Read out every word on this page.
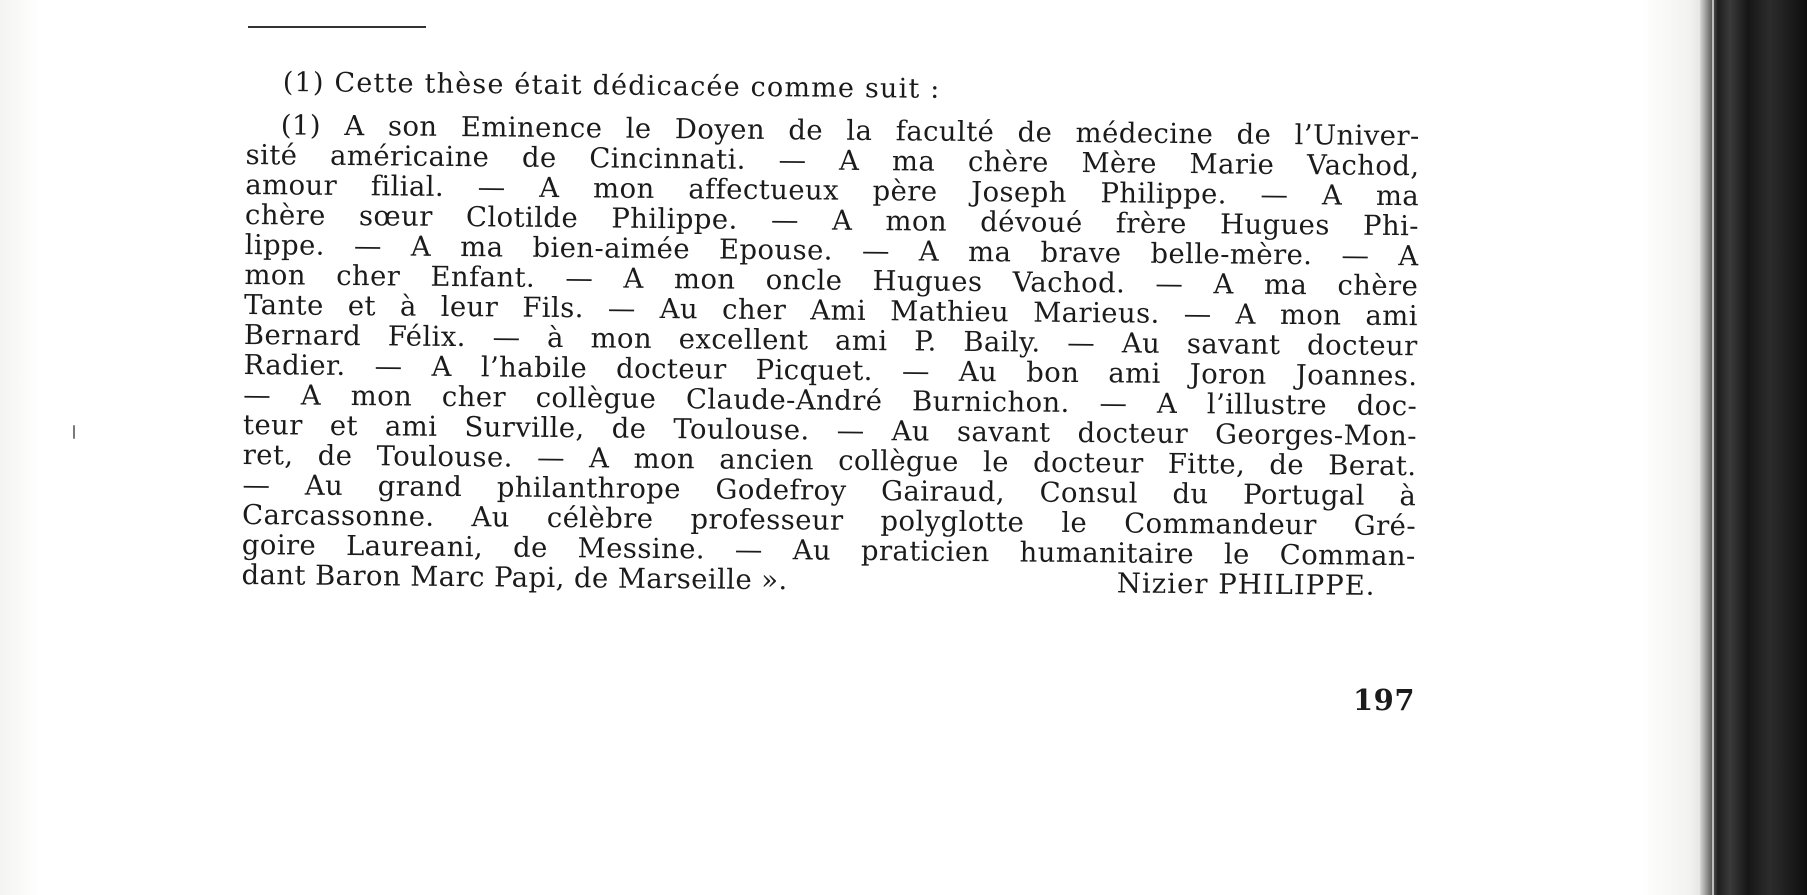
(1) Cette thèse était dédicacée comme suit :

(1) A son Eminence le Doyen de la faculté de médecine de l’Univer-
sité américaine de Cincinnati. — A ma chère Mère Marie Vachod,
amour filial. — A mon affectueux père Joseph Philippe. — A ma
chère sœur Clotilde Philippe. — A mon dévoué frère Hugues Phi-
lippe. — A ma bien-aimée Epouse. — A ma brave belle-mère. — A
mon cher Enfant. — A mon oncle Hugues Vachod. — A ma chère
Tante et à leur Fils. — Au cher Ami Mathieu Marieus. — A mon ami
Bernard Félix. — à mon excellent ami P. Baily. — Au savant docteur
Radier. — A l’habile docteur Picquet. — Au bon ami Joron Joannes.
— A mon cher collègue Claude-André Burnichon. — A l’illustre doc-
teur et ami Surville, de Toulouse. — Au savant docteur Georges-Mon-
ret, de Toulouse. — A mon ancien collègue le docteur Fitte, de Berat.
— Au grand philanthrope Godefroy Gairaud, Consul du Portugal à
Carcassonne. Au célèbre professeur polyglotte le Commandeur Gré-
goire Laureani, de Messine. — Au praticien humanitaire le Comman-
dant Baron Marc Papi, de Marseille ».	Nizier PHILIPPE.

197
